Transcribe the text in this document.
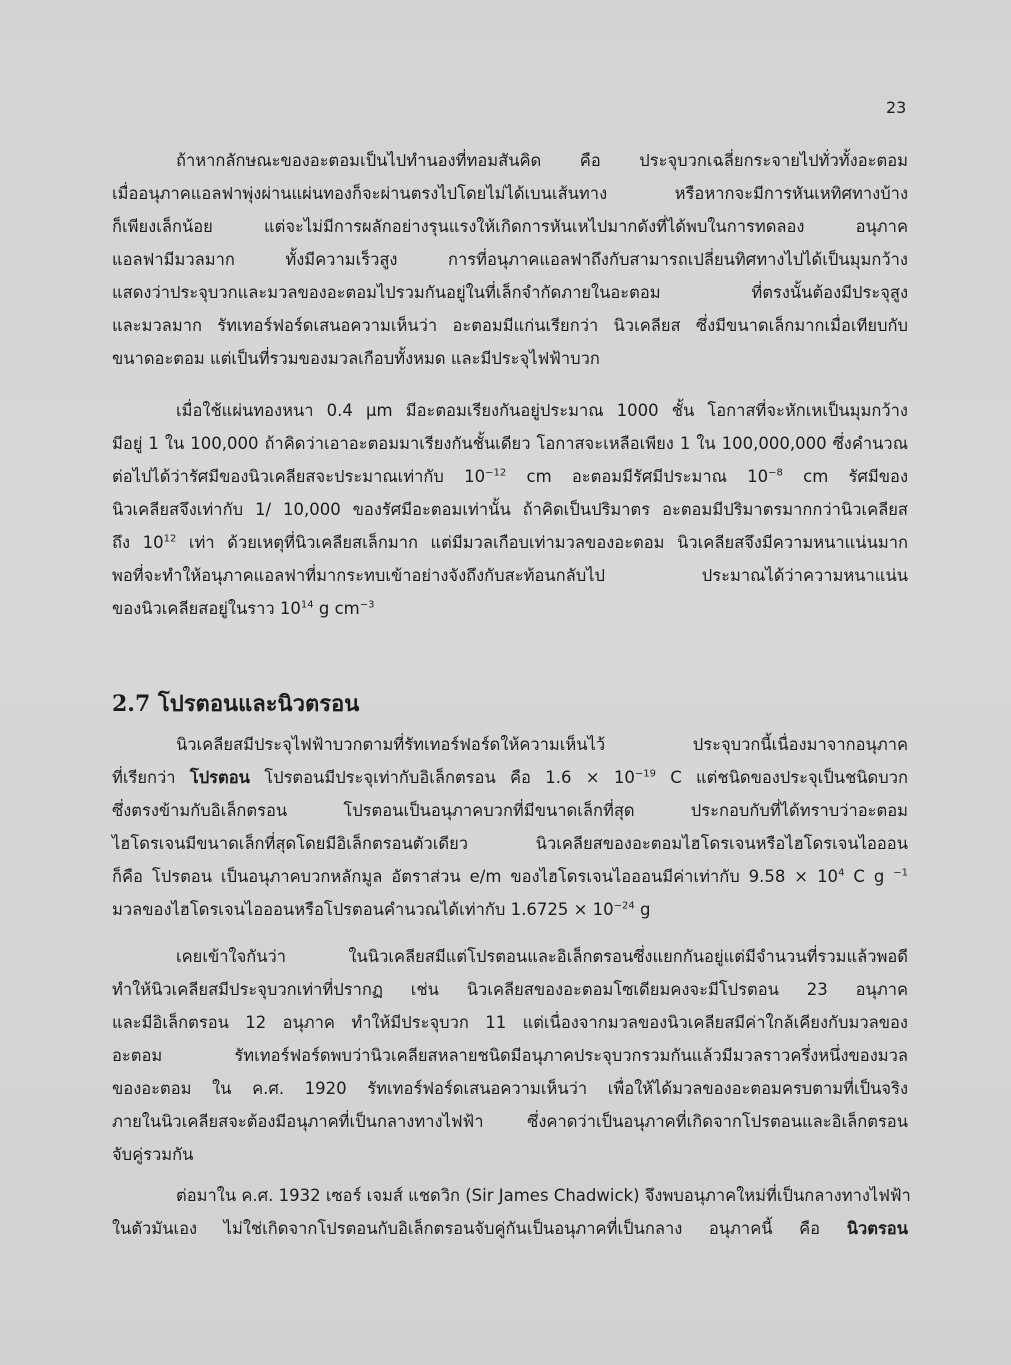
23
ถ้าหากลักษณะของอะตอมเป็นไปทำนองที่ทอมสันคิด คือ ประจุบวกเฉลี่ยกระจายไปทั่วทั้งอะตอม
เมื่ออนุภาคแอลฟาพุ่งผ่านแผ่นทองก็จะผ่านตรงไปโดยไม่ได้เบนเส้นทาง หรือหากจะมีการหันเหทิศทางบ้าง
ก็เพียงเล็กน้อย แต่จะไม่มีการผลักอย่างรุนแรงให้เกิดการหันเหไปมากดังที่ได้พบในการทดลอง อนุภาค
แอลฟามีมวลมาก ทั้งมีความเร็วสูง การที่อนุภาคแอลฟาถึงกับสามารถเปลี่ยนทิศทางไปได้เป็นมุมกว้าง
แสดงว่าประจุบวกและมวลของอะตอมไปรวมกันอยู่ในที่เล็กจำกัดภายในอะตอม ที่ตรงนั้นต้องมีประจุสูง
และมวลมาก รัทเทอร์ฟอร์ดเสนอความเห็นว่า อะตอมมีแก่นเรียกว่า นิวเคลียส ซึ่งมีขนาดเล็กมากเมื่อเทียบกับ
ขนาดอะตอม แต่เป็นที่รวมของมวลเกือบทั้งหมด และมีประจุไฟฟ้าบวก
เมื่อใช้แผ่นทองหนา 0.4 μm มีอะตอมเรียงกันอยู่ประมาณ 1000 ชั้น โอกาสที่จะหักเหเป็นมุมกว้าง
มีอยู่ 1 ใน 100,000 ถ้าคิดว่าเอาอะตอมมาเรียงกันชั้นเดียว โอกาสจะเหลือเพียง 1 ใน 100,000,000 ซึ่งคำนวณ
ต่อไปได้ว่ารัศมีของนิวเคลียสจะประมาณเท่ากับ $10^{-12}$ cm อะตอมมีรัศมีประมาณ $10^{-8}$ cm รัศมีของ
นิวเคลียสจึงเท่ากับ 1/ 10,000 ของรัศมีอะตอมเท่านั้น ถ้าคิดเป็นปริมาตร อะตอมมีปริมาตรมากกว่านิวเคลียส
ถึง $10^{12}$ เท่า ด้วยเหตุที่นิวเคลียสเล็กมาก แต่มีมวลเกือบเท่ามวลของอะตอม นิวเคลียสจึงมีความหนาแน่นมาก
พอที่จะทำให้อนุภาคแอลฟาที่มากระทบเข้าอย่างจังถึงกับสะท้อนกลับไป ประมาณได้ว่าความหนาแน่น
ของนิวเคลียสอยู่ในราว $10^{14}$ g $cm^{-3}$
2.7 โปรตอนและนิวตรอน
นิวเคลียสมีประจุไฟฟ้าบวกตามที่รัทเทอร์ฟอร์ดให้ความเห็นไว้ ประจุบวกนี้เนื่องมาจากอนุภาค
ที่เรียกว่า โปรตอน โปรตอนมีประจุเท่ากับอิเล็กตรอน คือ $1.6 \times 10^{-19}$ C แต่ชนิดของประจุเป็นชนิดบวก
ซึ่งตรงข้ามกับอิเล็กตรอน โปรตอนเป็นอนุภาคบวกที่มีขนาดเล็กที่สุด ประกอบกับที่ได้ทราบว่าอะตอม
ไฮโดรเจนมีขนาดเล็กที่สุดโดยมีอิเล็กตรอนตัวเดียว นิวเคลียสของอะตอมไฮโดรเจนหรือไฮโดรเจนไอออน
ก็คือ โปรตอน เป็นอนุภาคบวกหลักมูล อัตราส่วน e/m ของไฮโดรเจนไอออนมีค่าเท่ากับ $9.58 \times 10^4$ C g $^{-1}$
มวลของไฮโดรเจนไอออนหรือโปรตอนคำนวณได้เท่ากับ $1.6725 \times 10^{-24}$ g
เคยเข้าใจกันว่า ในนิวเคลียสมีแต่โปรตอนและอิเล็กตรอนซึ่งแยกกันอยู่แต่มีจำนวนที่รวมแล้วพอดี
ทำให้นิวเคลียสมีประจุบวกเท่าที่ปรากฏ เช่น นิวเคลียสของอะตอมโซเดียมคงจะมีโปรตอน 23 อนุภาค
และมีอิเล็กตรอน 12 อนุภาค ทำให้มีประจุบวก 11 แต่เนื่องจากมวลของนิวเคลียสมีค่าใกล้เคียงกับมวลของ
อะตอม รัทเทอร์ฟอร์ดพบว่านิวเคลียสหลายชนิดมีอนุภาคประจุบวกรวมกันแล้วมีมวลราวครึ่งหนึ่งของมวล
ของอะตอม ใน ค.ศ. 1920 รัทเทอร์ฟอร์ดเสนอความเห็นว่า เพื่อให้ได้มวลของอะตอมครบตามที่เป็นจริง
ภายในนิวเคลียสจะต้องมีอนุภาคที่เป็นกลางทางไฟฟ้า ซึ่งคาดว่าเป็นอนุภาคที่เกิดจากโปรตอนและอิเล็กตรอน
จับคู่รวมกัน
ต่อมาใน ค.ศ. 1932 เซอร์ เจมส์ แชดวิก (Sir James Chadwick) จึงพบอนุภาคใหม่ที่เป็นกลางทางไฟฟ้า
ในตัวมันเอง ไม่ใช่เกิดจากโปรตอนกับอิเล็กตรอนจับคู่กันเป็นอนุภาคที่เป็นกลาง อนุภาคนี้ คือ นิวตรอน
